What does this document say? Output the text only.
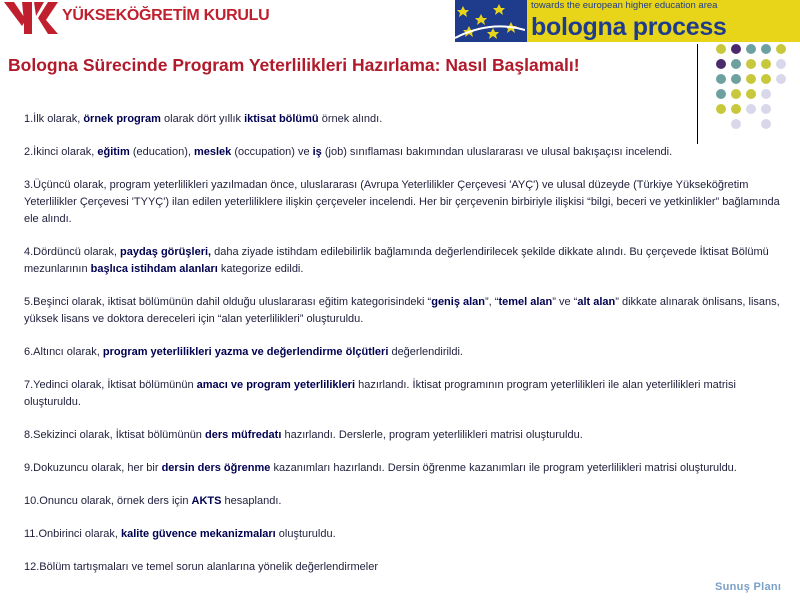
YÜKSEKÖĞRETİM KURULU
towards the european higher education area
bologna process
Bologna Sürecinde Program Yeterlilikleri Hazırlama: Nasıl Başlamalı!

1.İlk olarak, örnek program olarak dört yıllık iktisat bölümü örnek alındı.

2.İkinci olarak, eğitim (education), meslek (occupation) ve iş (job) sınıflaması bakımından uluslararası ve ulusal bakışaçısı incelendi.

3.Üçüncü olarak, program yeterlilikleri yazılmadan önce, uluslararası (Avrupa Yeterlilikler Çerçevesi 'AYÇ') ve ulusal düzeyde (Türkiye Yükseköğretim Yeterlilikler Çerçevesi 'TYYÇ') ilan edilen yeterliliklere ilişkin çerçeveler incelendi. Her bir çerçevenin birbiriyle ilişkisi “bilgi, beceri ve yetkinlikler” bağlamında ele alındı.

4.Dördüncü olarak, paydaş görüşleri, daha ziyade istihdam edilebilirlik bağlamında değerlendirilecek şekilde dikkate alındı. Bu çerçevede İktisat Bölümü mezunlarının başlıca istihdam alanları kategorize edildi.

5.Beşinci olarak, iktisat bölümünün dahil olduğu uluslararası eğitim kategorisindeki “geniş alan”, “temel alan” ve “alt alan” dikkate alınarak önlisans, lisans, yüksek lisans ve doktora dereceleri için “alan yeterlilikleri” oluşturuldu.

6.Altıncı olarak, program yeterlilikleri yazma ve değerlendirme ölçütleri değerlendirildi.

7.Yedinci olarak, İktisat bölümünün amacı ve program yeterlilikleri hazırlandı. İktisat programının program yeterlilikleri ile alan yeterlilikleri matrisi oluşturuldu.

8.Sekizinci olarak, İktisat bölümünün ders müfredatı hazırlandı. Derslerle, program yeterlilikleri matrisi oluşturuldu.

9.Dokuzuncu olarak, her bir dersin ders öğrenme kazanımları hazırlandı. Dersin öğrenme kazanımları ile program yeterlilikleri matrisi oluşturuldu.

10.Onuncu olarak, örnek ders için AKTS hesaplandı.

11.Onbirinci olarak, kalite güvence mekanizmaları oluşturuldu.

12.Bölüm tartışmaları ve temel sorun alanlarına yönelik değerlendirmeler

Sunuş Planı
